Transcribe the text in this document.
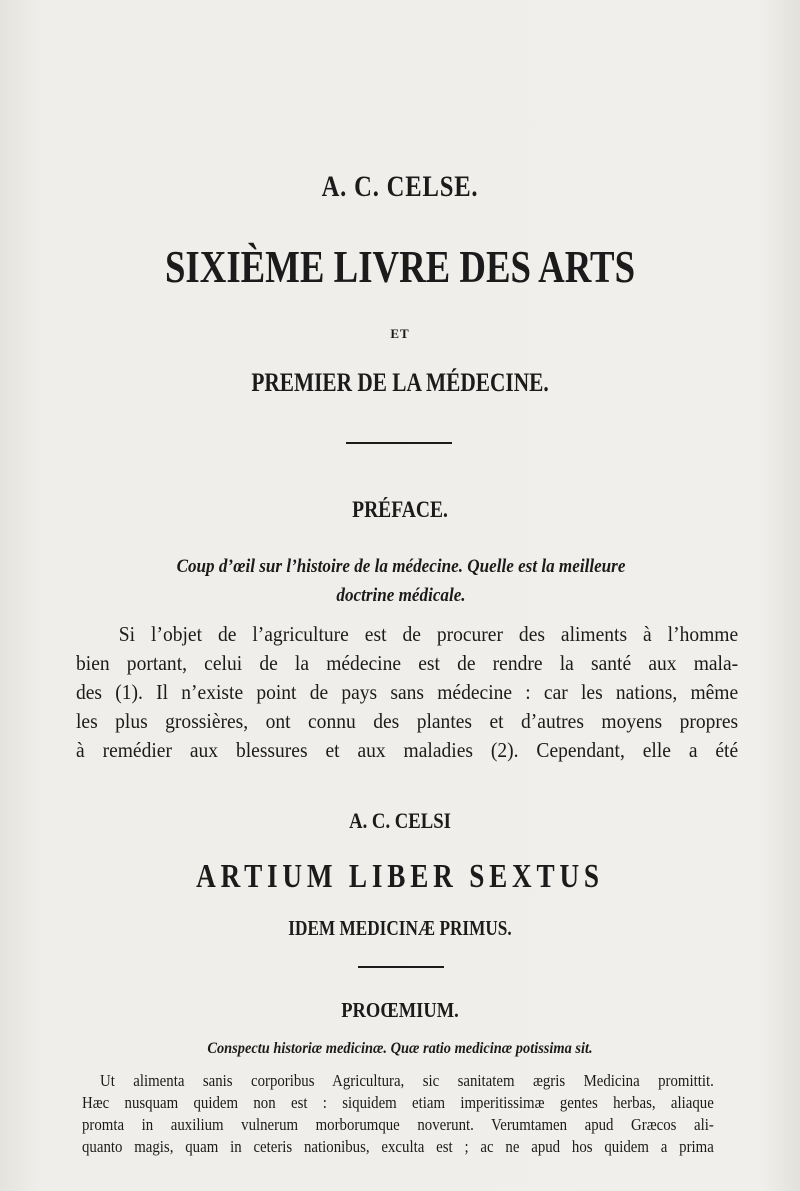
A. C. CELSE.
SIXIÈME LIVRE DES ARTS
ET
PREMIER DE LA MÉDECINE.
PRÉFACE.
Coup d’œil sur l’histoire de la médecine. Quelle est la meilleure
doctrine médicale.
Si l’objet de l’agriculture est de procurer des aliments à l’homme
bien portant, celui de la médecine est de rendre la santé aux mala-
des (1). Il n’existe point de pays sans médecine : car les nations, même
les plus grossières, ont connu des plantes et d’autres moyens propres
à remédier aux blessures et aux maladies (2). Cependant, elle a été
A. C. CELSI
ARTIUM LIBER SEXTUS
IDEM MEDICINÆ PRIMUS.
PROŒMIUM.
Conspectu historiæ medicinæ. Quæ ratio medicinæ potissima sit.
Ut alimenta sanis corporibus Agricultura, sic sanitatem ægris Medicina promittit.
Hæc nusquam quidem non est : siquidem etiam imperitissimæ gentes herbas, aliaque
promta in auxilium vulnerum morborumque noverunt. Verumtamen apud Græcos ali-
quanto magis, quam in ceteris nationibus, exculta est ; ac ne apud hos quidem a prima
